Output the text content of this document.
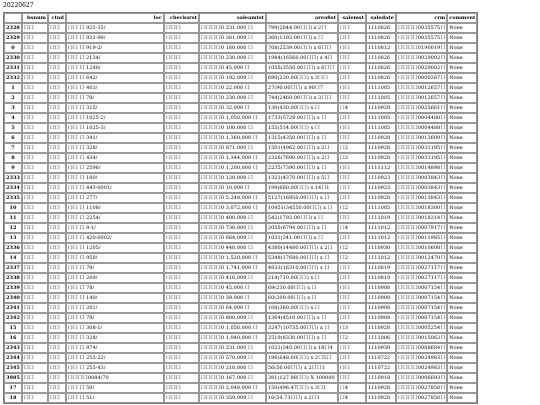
20220627
	bsnum	ctnd	loc	checksrst	saleamtst	area8st	salemst	saledate	crm	comment
2328	口口	口口	口口 口 921-35/	口口口	口口口口0 231,000 口	799(2644.00口口) x 2口	口口	1110826	口口口口0035575口	None
2329	口口	口口	口口 口 921-90/	口口口	口口口口0 301,000 口	360(1193.00口口) x 口	口口	1110826	口口口口0035575口	None
0	口口	口口	口口 口 919-2/	口口口	口口口口0 160,000 口	768(2539.00口口) x 6口口	口口	1110812	口口口口0190019口	None
2330	口口	口口	口口 口 2134/	口口口	口口口口0 230,000 口	1984(16560.00口口) x 4口	口口	1110826	口口口口0029002口	None
2331	口口	口口	口口 口 1240/	口口口	口口口口0 45,000 口	1055(3550.00口口) x 6口口	口口	1110826	口口口口0029002口	None
2332	口口	口口	口口 口 642/	口口口	口口口口0 192,000 口	690(230.00口口) x 3口口	口口	1110826	口口口口0000287口	None
1	口口	口口	口口 口 403/	口口口	口口口口0 22,000 口	27(90.00口口) x 90口7	口口	1111005	口口口口0012657口	None
2	口口	口口	口口 口 78/	口口口	口口口口0 230,000 口	744(2460.00口口) x 3口口	口口	1111005	口口口口0012657口	None
3	口口	口口	口口 口 315/	口口口	口口口口0 32,000 口	130(430.00口口) x 口	口4	1110929	口口口口0025661口	None
4	口口	口口	口口 口 1025-2/	口口口	口口口口0 1,050,000 口	1733(5729.00口口) x 口	口口	1111005	口口口口0004488口	None
5	口口	口口	口口 口 1025-3/	口口口	口口口口0 100,000 口	155(514.00口口) x 口	口口	1111005	口口口口0004488口	None
6	口口	口口	口口 口 341/	口口口	口口口口0 1,360,000 口	1315(4350.00口口) x 口	口口	1110928	口口口口0013609口	None
7	口口	口口	口口 口 328/	口口口	口口口口0 871,000 口	1501(4962.00口口) x 2口	口2	1110928	口口口口0031195口	None
8	口口	口口	口口 口 434/	口口口	口口口口0 1,344,000 口	2326(7690.00口口) x 2口	口2	1110928	口口口口0031195口	None
9	口口	口口	口口 口 2596/	口口口	口口口口0 1,200,000 口	2235(7390.00口口) x 口	口口	1111112	口口口口0014898口	None
2333	口口	口口	口口 口 180/	口口口	口口口口0 128,000 口	1321(4370.00口口) x 5口	口口	1110923	口口口口0003843口	None
2334	口口	口口	口口 口 443-0001/	口口口	口口口口0 10,000 口	199(660.00口口) x 14口1	口口	1110923	口口口口0003843口	None
2335	口口	口口	口口 口 277/	口口口	口口口口0 5,248,000 口	5127(16950.00口口) x 口	口口	1110928	口口口口0013843口	None
10	口口	口口	口口 口 1108/	口口口	口口口口0 3,072,000 口	10451(34550.00口口) x 口	口2	1111005	口口口口0018300口	None
11	口口	口口	口口 口 2254/	口口口	口口口口0 400,000 口	542(1792.00口口) x 口	口口	1111019	口口口口0018214口	None
12	口口	口口	口口 口 8-1/	口口口	口口口口0 738,000 口	2055(6794.00口口) x 口	口4	1111012	口口口口0007917口	None
13	口口	口口	口口 口 420-0002/	口口口	口口口口0 664,000 口	1031(341.00口口) x 口	口口	1111012	口口口口0011985口	None
2336	口口	口口	口口 口 1205/	口口口	口口口口0 448,000 口	4380(14480.00口口) x 2口	口2	1110930	口口口口0010608口	None
14	口口	口口	口口 口 950/	口口口	口口口口0 1,520,000 口	5348(17680.00口口) x 口	口2	1111012	口口口口0012470口	None
2337	口口	口口	口口 口 78/	口口口	口口口口0 1,741,000 口	4933(16310.00口口) x 口	口口	1110819	口口口口0027117口	None
2338	口口	口口	口口 口 269/	口口口	口口口口0 416,000 口	214(710.00口口) x 口	口口	1110819	口口口口0027117口	None
2339	口口	口口	口口 口 78/	口口口	口口口口0 45,000 口	69(230.00口口) x 口	口口	1110908	口口口口0007154口	None
2340	口口	口口	口口 口 140/	口口口	口口口口0 39,000 口	60(200.00口口) x 口	口口	1110908	口口口口0007154口	None
2341	口口	口口	口口 口 201/	口口口	口口口口0 64,000 口	108(360.00口口) x 口	口口	1110908	口口口口0007154口	None
2342	口口	口口	口口 口 78/	口口口	口口口口0 800,000 口	1364(4510.00口口) x 口	口口	1110908	口口口口0007154口	None
15	口口	口口	口口 口 308-1/	口口口	口口口口0 1,056,000 口	3247(10735.00口口) x 口	口3	1110928	口口口口0005254口	None
16	口口	口口	口口 口 328/	口口口	口口口口0 1,040,000 口	2519(8330.00口口) x 口	口2	1111006	口口口口0015063口	None
2343	口口	口口	口口 口 874/	口口口	口口口口0 231,000 口	1021(340.00口口) x 18口4	口口	1110930	口口口口0008684口	None
2344	口口	口口	口口 口 255-22/	口口口	口口口口0 570,000 口	196(648.00口口) x 2口5口	口口	1110722	口口口口0024983口	None
2345	口口	口口	口口 口 255-43/	口口口	口口口口0 218,000 口	56(56.00口口) x 2口口1	口口	1110722	口口口口0024983口	None
3985	口口	口口	口口口口0084/70	口口口	口口口口0 167,000 口	381(127.98口口) X 100000	口口	1110918	口口口口0006693口	None
17	口口	口口	口口 口 50/	口口口	口口口口0 2,048,000 口	150(496.47口口) x 3口1	口4	1110928	口口口口0027850口	None
18	口口	口口	口口 口 51/	口口口	口口口口0 359,000 口	16(54.73口口) x 2口1	口4	1110928	口口口口0027850口	None
